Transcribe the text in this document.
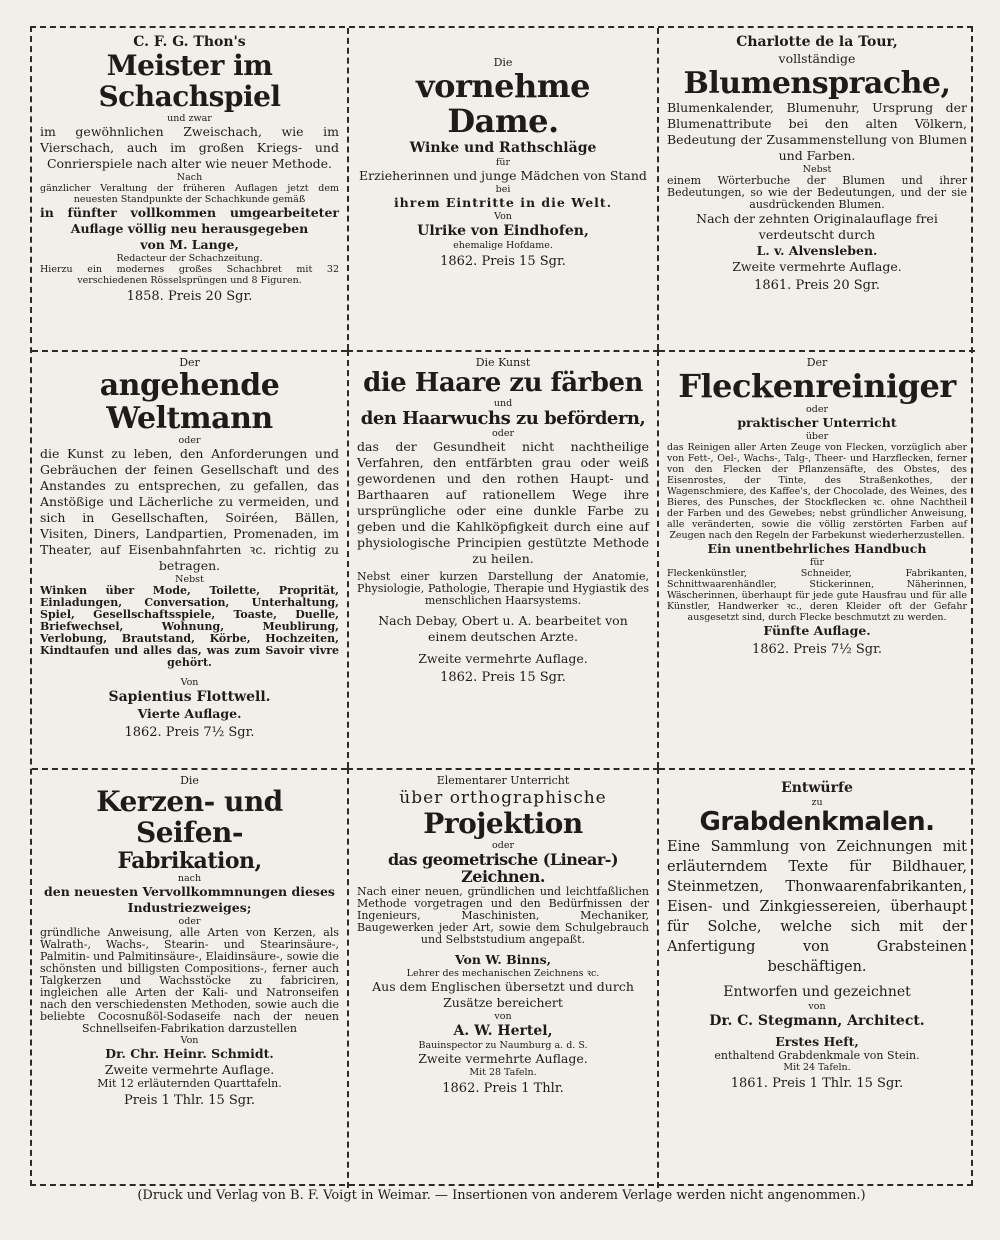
C. F. G. Thon's
Meister im Schachspiel
und zwar
im gewöhnlichen Zweischach, wie im Vierschach, auch im großen Kriegs- und Conrierspiele nach alter wie neuer Methode.
Nach
gänzlicher Veraltung der früheren Auflagen jetzt dem neuesten Standpunkte der Schachkunde gemäß
in fünfter vollkommen umgearbeiteter Auflage völlig neu herausgegeben
von M. Lange,
Redacteur der Schachzeitung.
Hierzu ein modernes großes Schachbret mit 32 verschiedenen Rösselsprüngen und 8 Figuren.
1858. Preis 20 Sgr.
Die
vornehme Dame.
Winke und Rathschläge
für
Erzieherinnen und junge Mädchen von Stand
bei
ihrem Eintritte in die Welt.
Von
Ulrike von Eindhofen,
ehemalige Hofdame.
1862. Preis 15 Sgr.
Charlotte de la Tour,
vollständige
Blumensprache,
Blumenkalender, Blumenuhr, Ursprung der Blumenattribute bei den alten Völkern, Bedeutung der Zusammenstellung von Blumen und Farben.
Nebst
einem Wörterbuche der Blumen und ihrer Bedeutungen, so wie der Bedeutungen, und der sie ausdrückenden Blumen.
Nach der zehnten Originalauflage frei verdeutscht durch
L. v. Alvensleben.
Zweite vermehrte Auflage.
1861. Preis 20 Sgr.
Der
angehende Weltmann
oder
die Kunst zu leben, den Anforderungen und Gebräuchen der feinen Gesellschaft und des Anstandes zu entsprechen, zu gefallen, das Anstößige und Lächerliche zu vermeiden, und sich in Gesellschaften, Soiréen, Bällen, Visiten, Diners, Landpartien, Promenaden, im Theater, auf Eisenbahnfahrten ꝛc. richtig zu betragen.
Nebst
Winken über Mode, Toilette, Proprität, Einladungen, Conversation, Unterhaltung, Spiel, Gesellschaftsspiele, Toaste, Duelle, Briefwechsel, Wohnung, Meublirung, Verlobung, Brautstand, Körbe, Hochzeiten, Kindtaufen und alles das, was zum Savoir vivre gehört.
Von
Sapientius Flottwell.
Vierte Auflage.
1862. Preis 7½ Sgr.
Die Kunst
die Haare zu färben
und
den Haarwuchs zu befördern,
oder
das der Gesundheit nicht nachtheilige Verfahren, den entfärbten grau oder weiß gewordenen und den rothen Haupt- und Barthaaren auf rationellem Wege ihre ursprüngliche oder eine dunkle Farbe zu geben und die Kahlköpfigkeit durch eine auf physiologische Principien gestützte Methode zu heilen.
Nebst einer kurzen Darstellung der Anatomie, Physiologie, Pathologie, Therapie und Hygiastik des menschlichen Haarsystems.
Nach Debay, Obert u. A. bearbeitet von einem deutschen Arzte.
Zweite vermehrte Auflage.
1862. Preis 15 Sgr.
Der
Fleckenreiniger
oder
praktischer Unterricht
über
das Reinigen aller Arten Zeuge von Flecken, vorzüglich aber von Fett-, Oel-, Wachs-, Talg-, Theer- und Harzflecken, ferner von den Flecken der Pflanzensäfte, des Obstes, des Eisenrostes, der Tinte, des Straßenkothes, der Wagenschmiere, des Kaffee's, der Chocolade, des Weines, des Bieres, des Punsches, der Stockflecken ꝛc. ohne Nachtheil der Farben und des Gewebes; nebst gründlicher Anweisung, alle veränderten, sowie die völlig zerstörten Farben auf Zeugen nach den Regeln der Farbekunst wiederherzustellen.
Ein unentbehrliches Handbuch
für
Fleckenkünstler, Schneider, Fabrikanten, Schnittwaarenhändler, Stickerinnen, Näherinnen, Wäscherinnen, überhaupt für jede gute Hausfrau und für alle Künstler, Handwerker ꝛc., deren Kleider oft der Gefahr ausgesetzt sind, durch Flecke beschmutzt zu werden.
Fünfte Auflage.
1862. Preis 7½ Sgr.
Die
Kerzen- und Seifen-
Fabrikation,
nach
den neuesten Vervollkommnungen dieses Industriezweiges;
oder
gründliche Anweisung, alle Arten von Kerzen, als Walrath-, Wachs-, Stearin- und Stearinsäure-, Palmitin- und Palmitinsäure-, Elaidinsäure-, sowie die schönsten und billigsten Compositions-, ferner auch Talgkerzen und Wachsstöcke zu fabriciren, ingleichen alle Arten der Kali- und Natronseifen nach den verschiedensten Methoden, sowie auch die beliebte Cocosnußöl-Sodaseife nach der neuen Schnellseifen-Fabrikation darzustellen
Von
Dr. Chr. Heinr. Schmidt.
Zweite vermehrte Auflage.
Mit 12 erläuternden Quarttafeln.
Preis 1 Thlr. 15 Sgr.
Elementarer Unterricht
über orthographische
Projektion
oder
das geometrische (Linear-) Zeichnen.
Nach einer neuen, gründlichen und leichtfaßlichen Methode vorgetragen und den Bedürfnissen der Ingenieurs, Maschinisten, Mechaniker, Baugewerken jeder Art, sowie dem Schulgebrauch und Selbststudium angepaßt.
Von W. Binns,
Lehrer des mechanischen Zeichnens ꝛc.
Aus dem Englischen übersetzt und durch Zusätze bereichert
von
A. W. Hertel,
Bauinspector zu Naumburg a. d. S.
Zweite vermehrte Auflage.
Mit 28 Tafeln.
1862. Preis 1 Thlr.
Entwürfe
zu
Grabdenkmalen.
Eine Sammlung von Zeichnungen mit erläuterndem Texte für Bildhauer, Steinmetzen, Thonwaarenfabrikanten, Eisen- und Zinkgiessereien, überhaupt für Solche, welche sich mit der Anfertigung von Grabsteinen beschäftigen.
Entworfen und gezeichnet
von
Dr. C. Stegmann, Architect.
Erstes Heft,
enthaltend Grabdenkmale von Stein.
Mit 24 Tafeln.
1861. Preis 1 Thlr. 15 Sgr.
(Druck und Verlag von B. F. Voigt in Weimar. — Insertionen von anderem Verlage werden nicht angenommen.)
